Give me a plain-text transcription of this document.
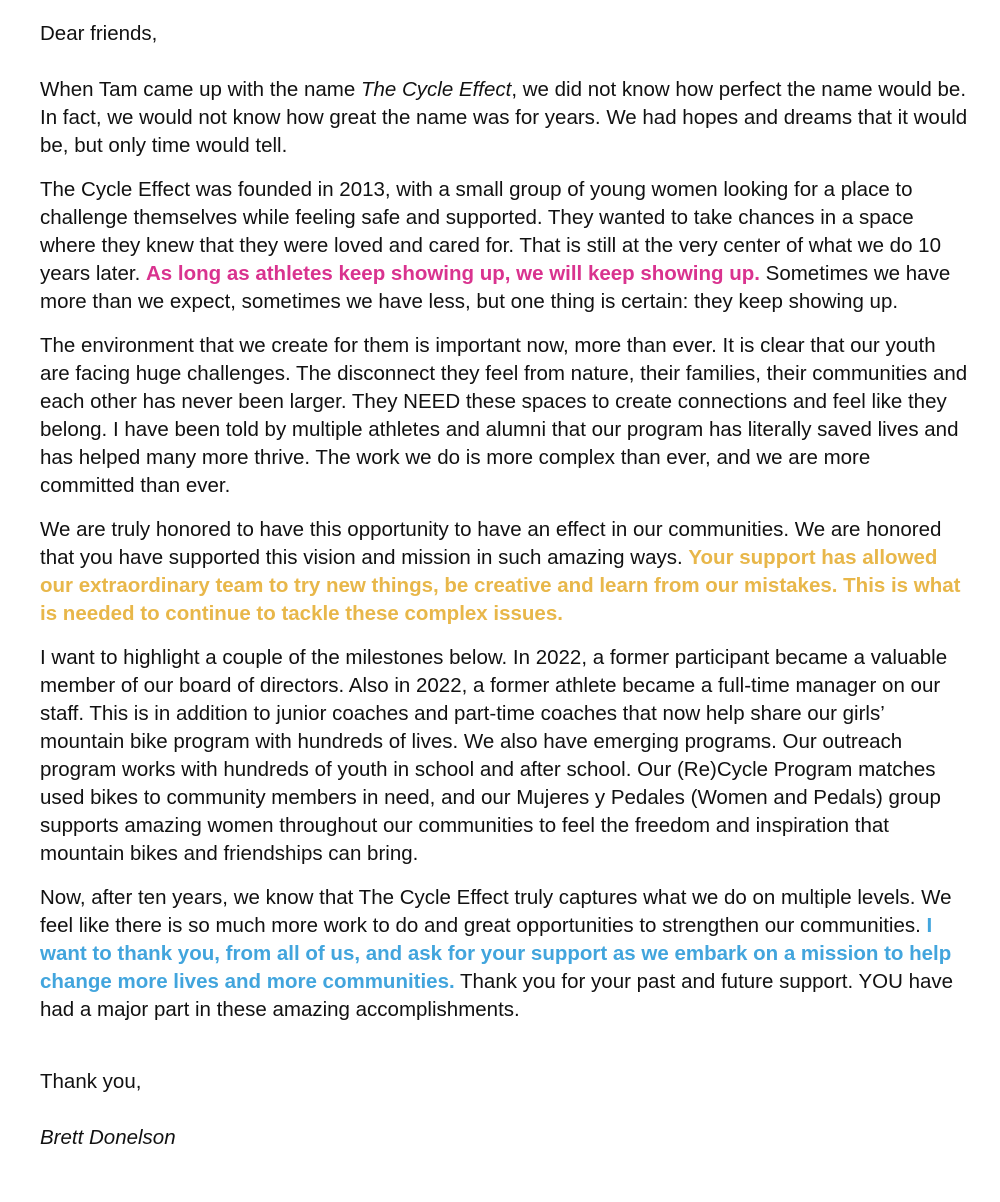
Dear friends,

When Tam came up with the name The Cycle Effect, we did not know how perfect the name would be. In fact, we would not know how great the name was for years. We had hopes and dreams that it would be, but only time would tell.

The Cycle Effect was founded in 2013, with a small group of young women looking for a place to challenge themselves while feeling safe and supported. They wanted to take chances in a space where they knew that they were loved and cared for. That is still at the very center of what we do 10 years later. As long as athletes keep showing up, we will keep showing up. Sometimes we have more than we expect, sometimes we have less, but one thing is certain: they keep showing up.

The environment that we create for them is important now, more than ever. It is clear that our youth are facing huge challenges. The disconnect they feel from nature, their families, their communities and each other has never been larger. They NEED these spaces to create connections and feel like they belong. I have been told by multiple athletes and alumni that our program has literally saved lives and has helped many more thrive. The work we do is more complex than ever, and we are more committed than ever.

We are truly honored to have this opportunity to have an effect in our communities. We are honored that you have supported this vision and mission in such amazing ways. Your support has allowed our extraordinary team to try new things, be creative and learn from our mistakes. This is what is needed to continue to tackle these complex issues.

I want to highlight a couple of the milestones below. In 2022, a former participant became a valuable member of our board of directors. Also in 2022, a former athlete became a full-time manager on our staff. This is in addition to junior coaches and part-time coaches that now help share our girls’ mountain bike program with hundreds of lives. We also have emerging programs. Our outreach program works with hundreds of youth in school and after school. Our (Re)Cycle Program matches used bikes to community members in need, and our Mujeres y Pedales (Women and Pedals) group supports amazing women throughout our communities to feel the freedom and inspiration that mountain bikes and friendships can bring.

Now, after ten years, we know that The Cycle Effect truly captures what we do on multiple levels. We feel like there is so much more work to do and great opportunities to strengthen our communities. I want to thank you, from all of us, and ask for your support as we embark on a mission to help change more lives and more communities. Thank you for your past and future support. YOU have had a major part in these amazing accomplishments.

Thank you,

Brett Donelson
